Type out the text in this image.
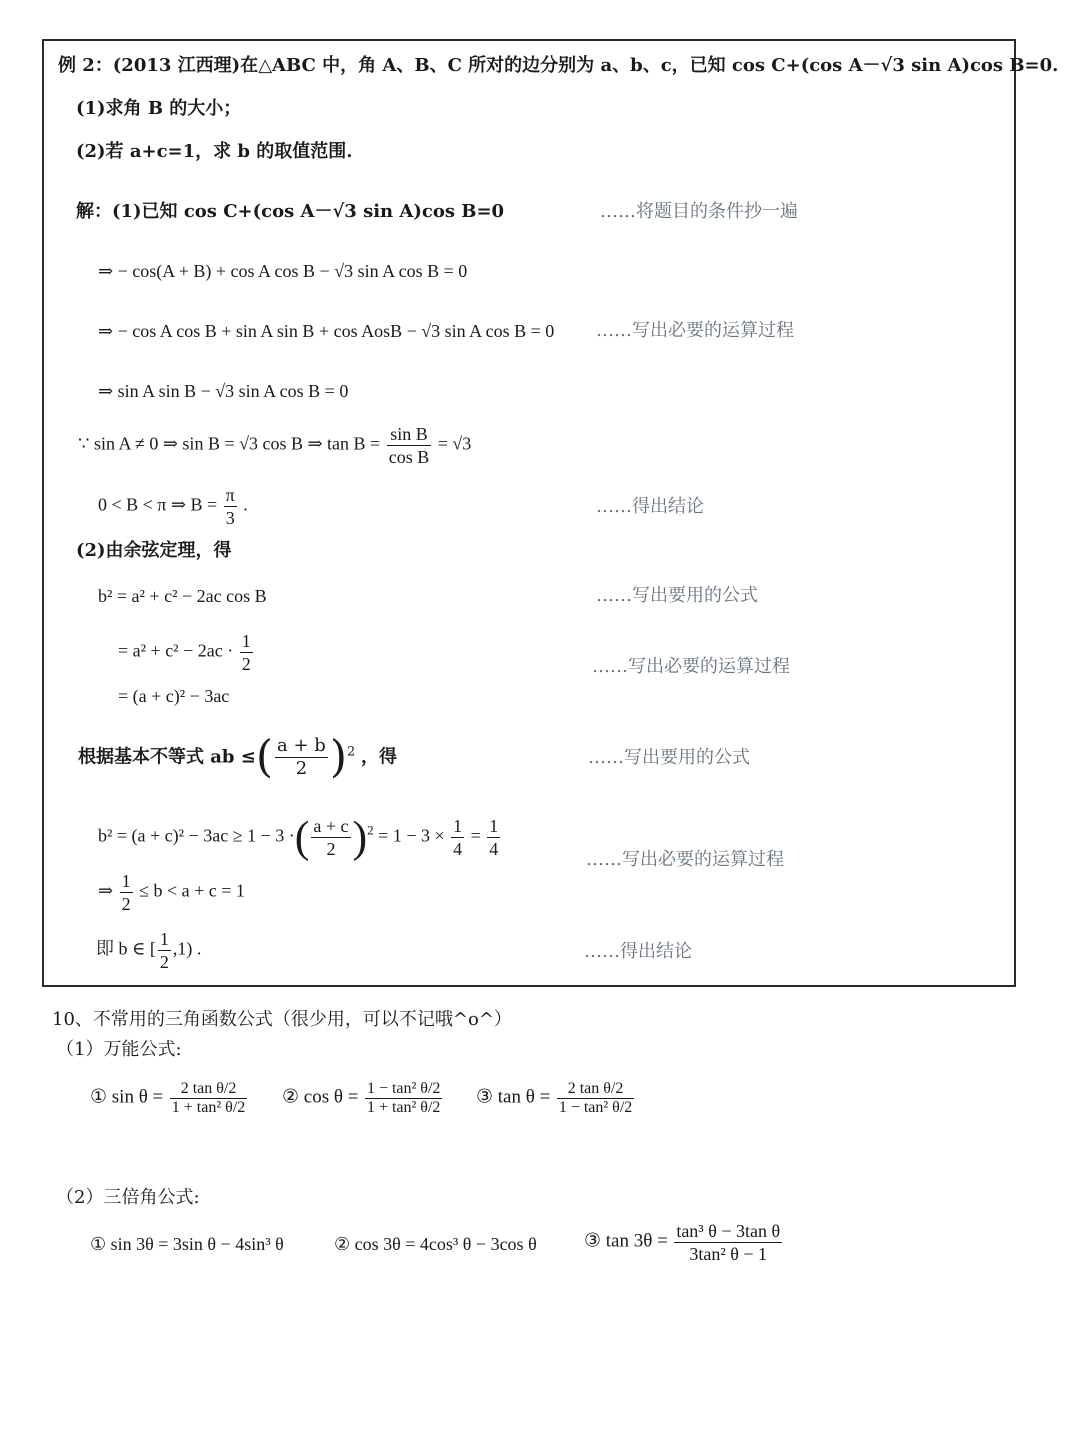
例 2：(2013 江西理)在△ABC 中，角 A、B、C 所对的边分别为 a、b、c，已知 cos C+(cos A－√3 sin A)cos B=0.
(1)求角 B 的大小；
(2)若 a+c=1，求 b 的取值范围.
解：(1)已知 cos C+(cos A－√3 sin A)cos B=0	……将题目的条件抄一遍
⇒ − cos(A + B) + cos A cos B − √3 sin A cos B = 0
⇒ − cos A cos B + sin A sin B + cos AosB − √3 sin A cos B = 0 ……写出必要的运算过程
⇒ sin A sin B − √3 sin A cos B = 0
∵ sin A ≠ 0 ⇒ sin B = √3 cos B ⇒ $\tan B = \frac{\text{sin B}}{\text{cos B}} = √3$
0 < B < π ⇒ $B = \frac{\pi}{3}$ .	……得出结论
(2)由余弦定理，得
b² = a² + c² − 2ac cos B	……写出要用的公式
= $a^2 + c^2 - 2ac \cdot \frac{1}{2}$	……写出必要的运算过程
= (a + c)² − 3ac
根据基本不等式 ab ≤( $\frac{a + b}{2} )^2$ ，得	……写出要用的公式
b² = (a + c)² − 3ac ≥ 1 − 3 ·( $\frac{a + c}{2} )^2 = 1 - 3 \times \frac{1}{4} = \frac{1}{4}$	……写出必要的运算过程
⇒ $\frac{1}{2} \le b < a + c = 1$
即 b ∈ [ $\frac{1}{2} ,1$) .	……得出结论
10、不常用的三角函数公式（很少用，可以不记哦^o^）
（1）万能公式:
① $\sin \theta = \frac{\text{2 tan θ/2}}{\text{1 + tan² θ/2}}$ ② $\cos \theta = \frac{\text{1 − tan² θ/2}}{\text{1 + tan² θ/2}}$ ③ $\tan \theta = \frac{\text{2 tan θ/2}}{\text{1 − tan² θ/2}}$
（2）三倍角公式:
① sin 3θ = 3sin θ − 4sin³ θ	② cos 3θ = 4cos³ θ − 3cos θ ③ $\tan 3\theta = \frac{\text{tan³ θ − 3tan θ}}{\text{3tan² θ − 1}}$
